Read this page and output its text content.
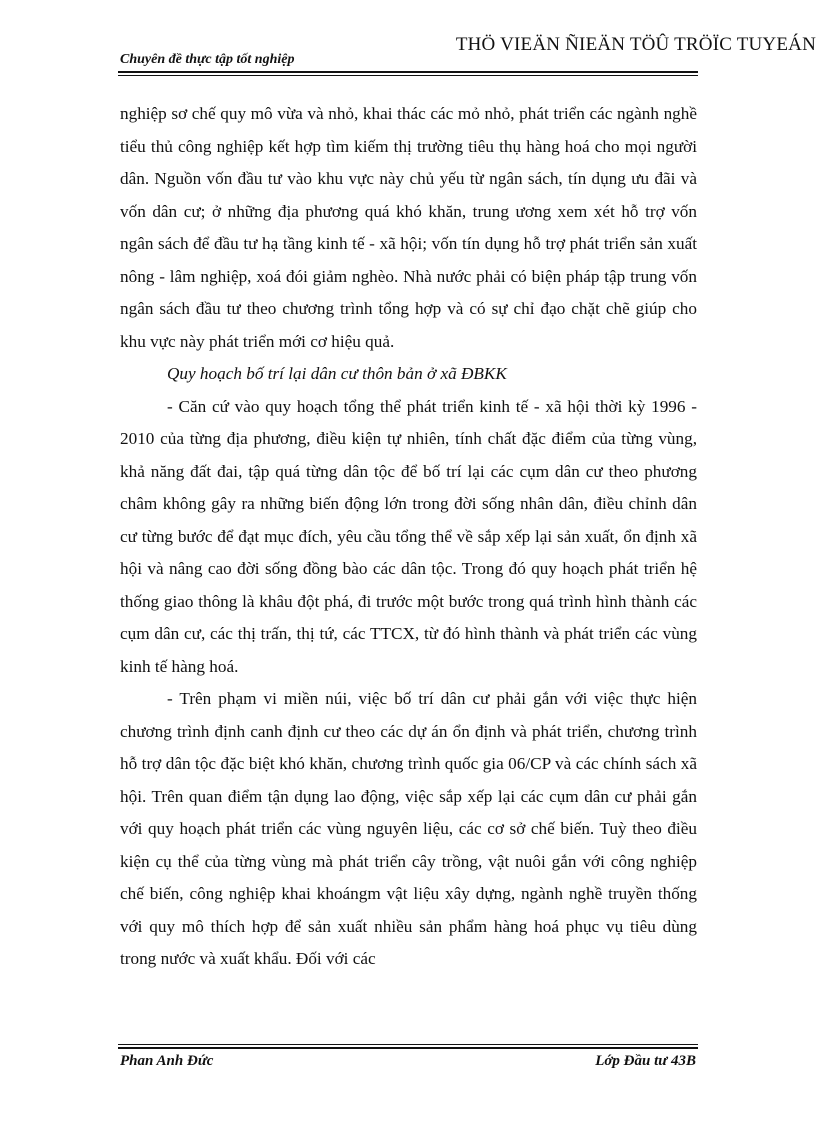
THÖ VIEÄN ÑIEÄN TÖÛ TRÖÏC TUYEÁN
Chuyên đề thực tập tốt nghiệp

nghiệp sơ chế quy mô vừa và nhỏ, khai thác các mỏ nhỏ, phát triển các ngành nghề tiểu thủ công nghiệp kết hợp tìm kiếm thị trường tiêu thụ hàng hoá cho mọi người dân. Nguồn vốn đầu tư vào khu vực này chủ yếu từ ngân sách, tín dụng ưu đãi và vốn dân cư; ở những địa phương quá khó khăn, trung ương xem xét hỗ trợ vốn ngân sách để đầu tư hạ tầng kinh tế - xã hội; vốn tín dụng hỗ trợ phát triển sản xuất nông - lâm nghiệp, xoá đói giảm nghèo. Nhà nước phải có biện pháp tập trung vốn ngân sách đầu tư theo chương trình tổng hợp và có sự chỉ đạo chặt chẽ giúp cho khu vực này phát triển mới cơ hiệu quả.

Quy hoạch bố trí lại dân cư thôn bản ở xã ĐBKK

- Căn cứ vào quy hoạch tổng thể phát triển kinh tế - xã hội thời kỳ 1996 - 2010 của từng địa phương, điều kiện tự nhiên, tính chất đặc điểm của từng vùng, khả năng đất đai, tập quá từng dân tộc để bố trí lại các cụm dân cư theo phương châm không gây ra những biến động lớn trong đời sống nhân dân, điều chỉnh dân cư từng bước để đạt mục đích, yêu cầu tổng thể về sắp xếp lại sản xuất, ổn định xã hội và nâng cao đời sống đồng bào các dân tộc. Trong đó quy hoạch phát triển hệ thống giao thông là khâu đột phá, đi trước một bước trong quá trình hình thành các cụm dân cư, các thị trấn, thị tứ, các TTCX, từ đó hình thành và phát triển các vùng kinh tế hàng hoá.

- Trên phạm vi miền núi, việc bố trí dân cư phải gắn với việc thực hiện chương trình định canh định cư theo các dự án ổn định và phát triển, chương trình hỗ trợ dân tộc đặc biệt khó khăn, chương trình quốc gia 06/CP và các chính sách xã hội. Trên quan điểm tận dụng lao động, việc sắp xếp lại các cụm dân cư phải gắn với quy hoạch phát triển các vùng nguyên liệu, các cơ sở chế biến. Tuỳ theo điều kiện cụ thể của từng vùng mà phát triển cây trồng, vật nuôi gắn với công nghiệp chế biến, công nghiệp khai khoángm vật liệu xây dựng, ngành nghề truyền thống với quy mô thích hợp để sản xuất nhiều sản phẩm hàng hoá phục vụ tiêu dùng trong nước và xuất khẩu. Đối với các

Phan Anh Đức	Lớp Đầu tư 43B
